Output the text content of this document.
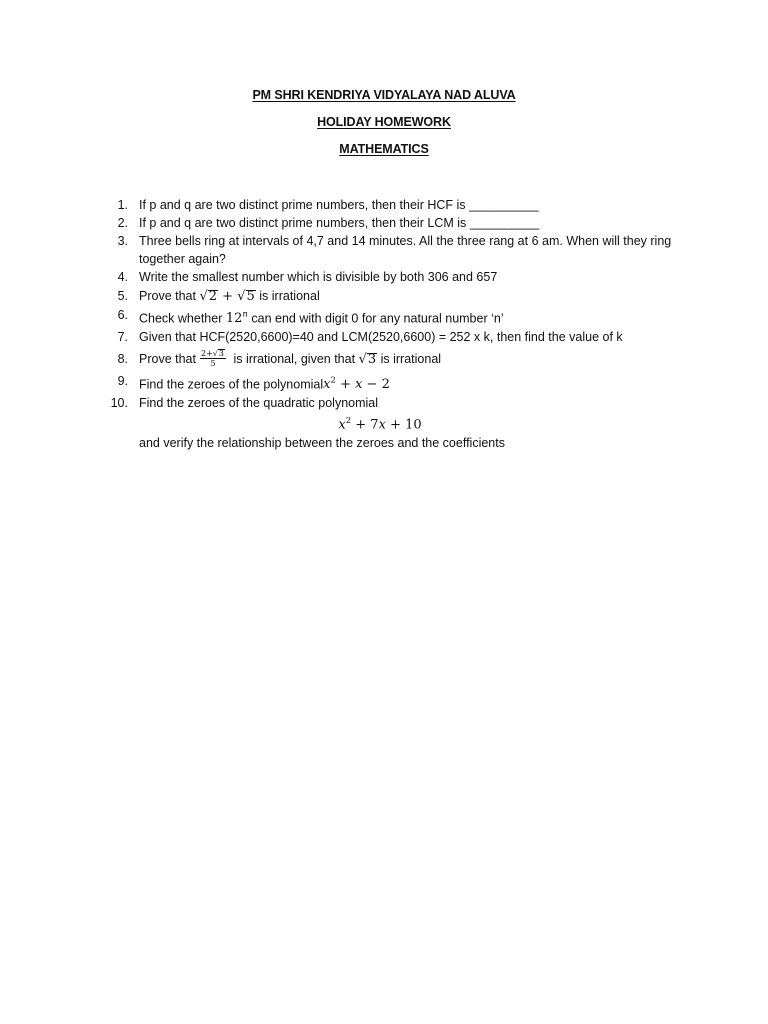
PM SHRI KENDRIYA VIDYALAYA NAD ALUVA
HOLIDAY HOMEWORK
MATHEMATICS
1. If p and q are two distinct prime numbers, then their HCF is __________
2. If p and q are two distinct prime numbers, then their LCM is __________
3. Three bells ring at intervals of 4,7 and 14 minutes. All the three rang at 6 am. When will they ring together again?
4. Write the smallest number which is divisible by both 306 and 657
5. Prove that √2 + √5 is irrational
6. Check whether 12$^n$ can end with digit 0 for any natural number ‘n’
7. Given that HCF(2520,6600)=40 and LCM(2520,6600) = 252 x k, then find the value of k
8. Prove that $\frac{2+√3}{5}$ is irrational, given that √3 is irrational
9. Find the zeroes of the polynomialx$^2$ + x − 2
10. Find the zeroes of the quadratic polynomial
$x^2 + 7x + 10$
and verify the relationship between the zeroes and the coefficients
